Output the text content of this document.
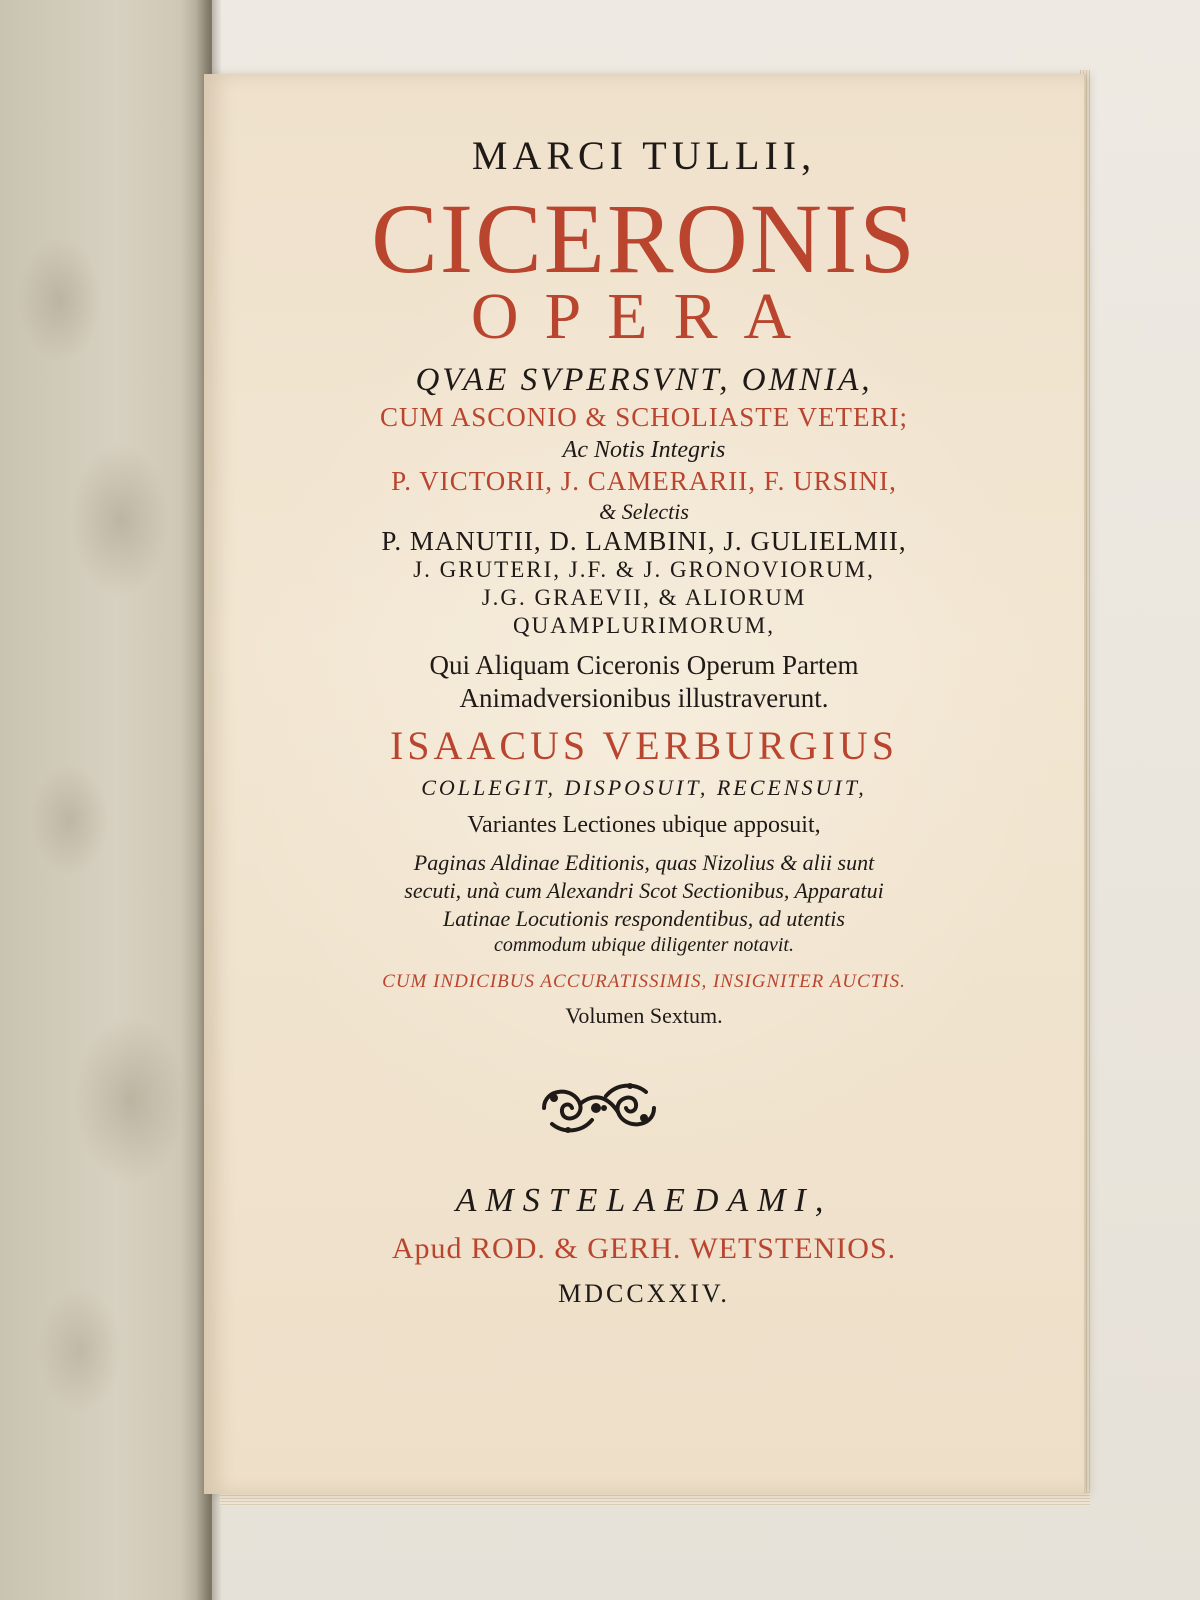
MARCI TULLII,
CICERONIS
OPERA
QVAE SVPERSVNT, OMNIA,
CUM ASCONIO & SCHOLIASTE VETERI;
Ac Notis Integris
P. VICTORII, J. CAMERARII, F. URSINI,
& Selectis
P. MANUTII, D. LAMBINI, J. GULIELMII,
J. GRUTERI, J.F. & J. GRONOVIORUM,
J.G. GRAEVII, & ALIORUM
QUAMPLURIMORUM,
Qui Aliquam Ciceronis Operum Partem
Animadversionibus illustraverunt.
ISAACUS VERBURGIUS
COLLEGIT, DISPOSUIT, RECENSUIT,
Variantes Lectiones ubique apposuit,
Paginas Aldinae Editionis, quas Nizolius & alii sunt
secuti, unà cum Alexandri Scot Sectionibus, Apparatui
Latinae Locutionis respondentibus, ad utentis
commodum ubique diligenter notavit.
CUM INDICIBUS ACCURATISSIMIS, INSIGNITER AUCTIS.
Volumen Sextum.
AMSTELAEDAMI,
Apud ROD. & GERH. WETSTENIOS.
MDCCXXIV.
